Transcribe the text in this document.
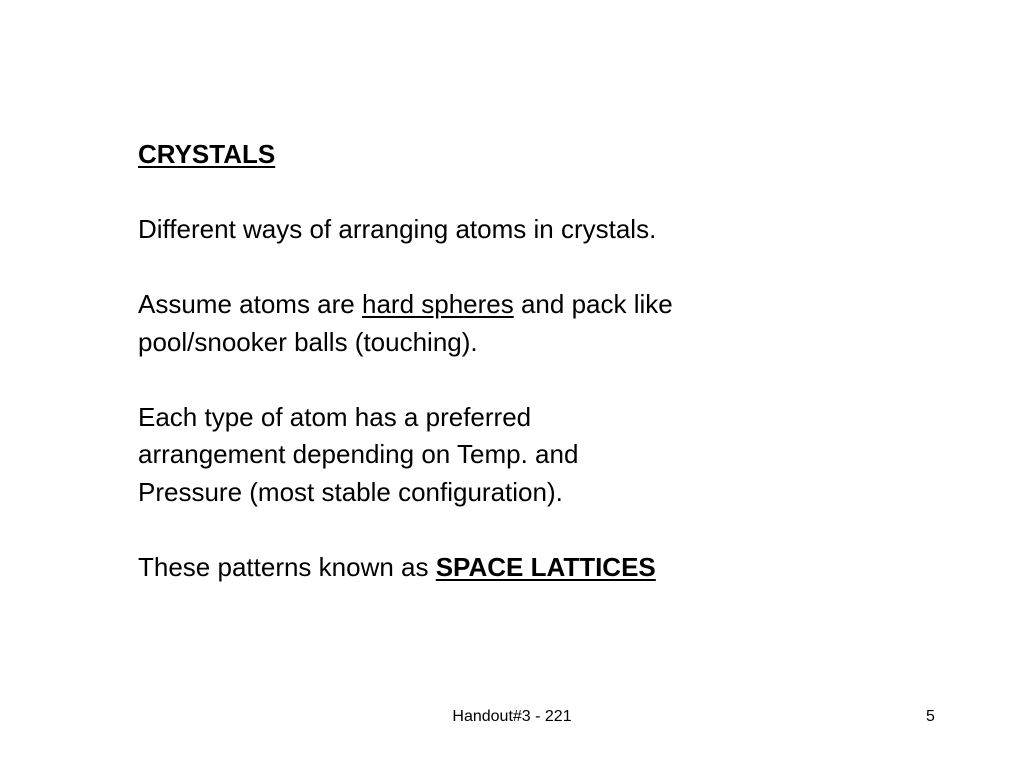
CRYSTALS

Different ways of arranging atoms in crystals.

Assume atoms are hard spheres and pack like

pool/snooker balls (touching).

Each type of atom has a preferred

arrangement depending on Temp. and

Pressure (most stable configuration).

These patterns known as SPACE LATTICES

Handout#3 - 221	5
